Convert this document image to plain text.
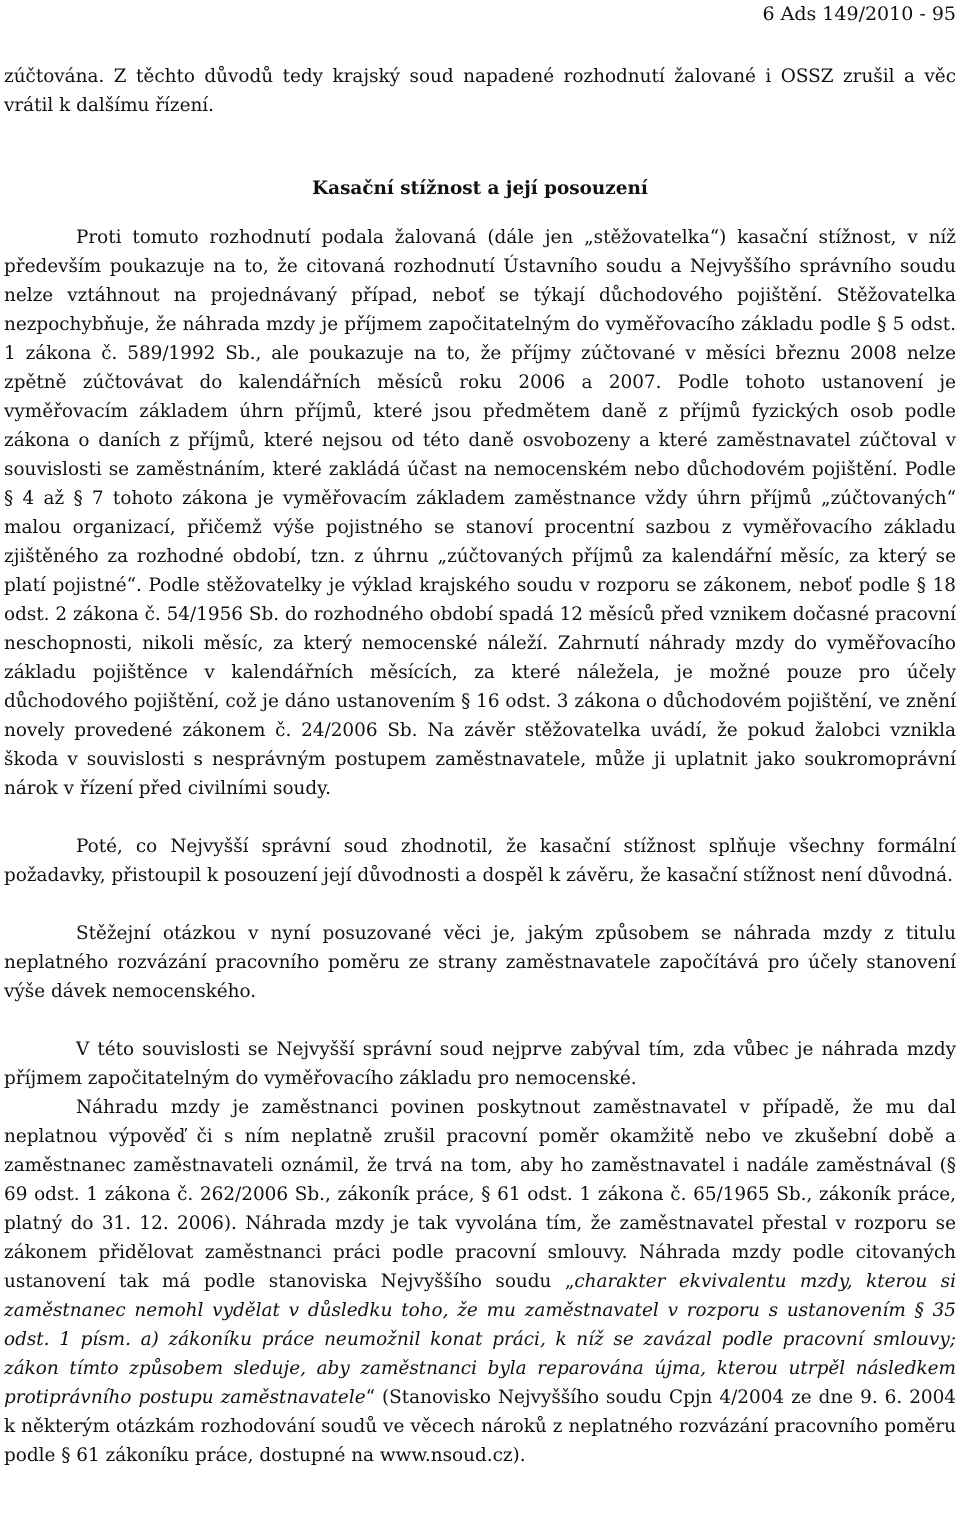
6 Ads 149/2010 - 95

zúčtována. Z těchto důvodů tedy krajský soud napadené rozhodnutí žalované i OSSZ zrušil a věc vrátil k dalšímu řízení.

Kasační stížnost a její posouzení

Proti tomuto rozhodnutí podala žalovaná (dále jen „stěžovatelka“) kasační stížnost, v níž především poukazuje na to, že citovaná rozhodnutí Ústavního soudu a Nejvyššího správního soudu nelze vztáhnout na projednávaný případ, neboť se týkají důchodového pojištění. Stěžovatelka nezpochybňuje, že náhrada mzdy je příjmem započitatelným do vyměřovacího základu podle § 5 odst. 1 zákona č. 589/1992 Sb., ale poukazuje na to, že příjmy zúčtované v měsíci březnu 2008 nelze zpětně zúčtovávat do kalendářních měsíců roku 2006 a 2007. Podle tohoto ustanovení je vyměřovacím základem úhrn příjmů, které jsou předmětem daně z příjmů fyzických osob podle zákona o daních z příjmů, které nejsou od této daně osvobozeny a které zaměstnavatel zúčtoval v souvislosti se zaměstnáním, které zakládá účast na nemocenském nebo důchodovém pojištění. Podle § 4 až § 7 tohoto zákona je vyměřovacím základem zaměstnance vždy úhrn příjmů „zúčtovaných“ malou organizací, přičemž výše pojistného se stanoví procentní sazbou z vyměřovacího základu zjištěného za rozhodné období, tzn. z úhrnu „zúčtovaných příjmů za kalendářní měsíc, za který se platí pojistné“. Podle stěžovatelky je výklad krajského soudu v rozporu se zákonem, neboť podle § 18 odst. 2 zákona č. 54/1956 Sb. do rozhodného období spadá 12 měsíců před vznikem dočasné pracovní neschopnosti, nikoli měsíc, za který nemocenské náleží. Zahrnutí náhrady mzdy do vyměřovacího základu pojištěnce v kalendářních měsících, za které náležela, je možné pouze pro účely důchodového pojištění, což je dáno ustanovením § 16 odst. 3 zákona o důchodovém pojištění, ve znění novely provedené zákonem č. 24/2006 Sb. Na závěr stěžovatelka uvádí, že pokud žalobci vznikla škoda v souvislosti s nesprávným postupem zaměstnavatele, může ji uplatnit jako soukromoprávní nárok v řízení před civilními soudy.

Poté, co Nejvyšší správní soud zhodnotil, že kasační stížnost splňuje všechny formální požadavky, přistoupil k posouzení její důvodnosti a dospěl k závěru, že kasační stížnost není důvodná.

Stěžejní otázkou v nyní posuzované věci je, jakým způsobem se náhrada mzdy z titulu neplatného rozvázání pracovního poměru ze strany zaměstnavatele započítává pro účely stanovení výše dávek nemocenského.

V této souvislosti se Nejvyšší správní soud nejprve zabýval tím, zda vůbec je náhrada mzdy příjmem započitatelným do vyměřovacího základu pro nemocenské.

Náhradu mzdy je zaměstnanci povinen poskytnout zaměstnavatel v případě, že mu dal neplatnou výpověď či s ním neplatně zrušil pracovní poměr okamžitě nebo ve zkušební době a zaměstnanec zaměstnavateli oznámil, že trvá na tom, aby ho zaměstnavatel i nadále zaměstnával (§ 69 odst. 1 zákona č. 262/2006 Sb., zákoník práce, § 61 odst. 1 zákona č. 65/1965 Sb., zákoník práce, platný do 31. 12. 2006). Náhrada mzdy je tak vyvolána tím, že zaměstnavatel přestal v rozporu se zákonem přidělovat zaměstnanci práci podle pracovní smlouvy. Náhrada mzdy podle citovaných ustanovení tak má podle stanoviska Nejvyššího soudu „charakter ekvivalentu mzdy, kterou si zaměstnanec nemohl vydělat v důsledku toho, že mu zaměstnavatel v rozporu s ustanovením § 35 odst. 1 písm. a) zákoníku práce neumožnil konat práci, k níž se zavázal podle pracovní smlouvy; zákon tímto způsobem sleduje, aby zaměstnanci byla reparována újma, kterou utrpěl následkem protiprávního postupu zaměstnavatele“ (Stanovisko Nejvyššího soudu Cpjn 4/2004 ze dne 9. 6. 2004 k některým otázkám rozhodování soudů ve věcech nároků z neplatného rozvázání pracovního poměru podle § 61 zákoníku práce, dostupné na www.nsoud.cz).
